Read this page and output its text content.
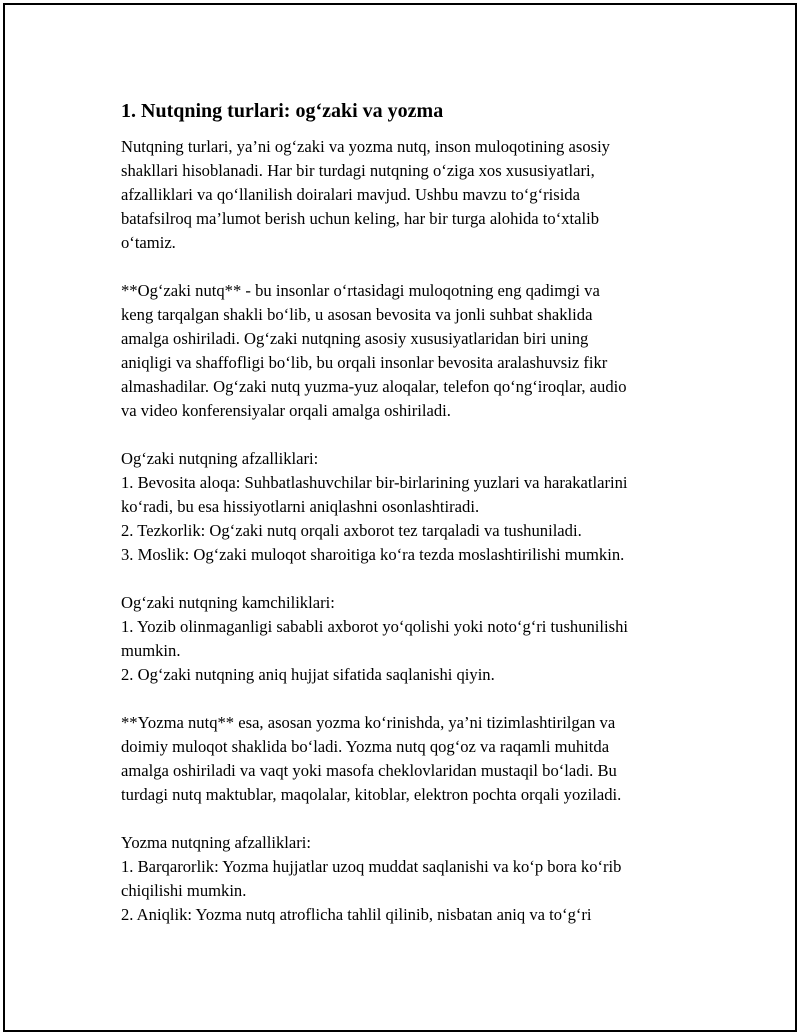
1. Nutqning turlari: og‘zaki va yozma
Nutqning turlari, ya’ni og‘zaki va yozma nutq, inson muloqotining asosiy
shakllari hisoblanadi. Har bir turdagi nutqning o‘ziga xos xususiyatlari,
afzalliklari va qo‘llanilish doiralari mavjud. Ushbu mavzu to‘g‘risida
batafsilroq ma’lumot berish uchun keling, har bir turga alohida to‘xtalib
o‘tamiz.
**Og‘zaki nutq** - bu insonlar o‘rtasidagi muloqotning eng qadimgi va
keng tarqalgan shakli bo‘lib, u asosan bevosita va jonli suhbat shaklida
amalga oshiriladi. Og‘zaki nutqning asosiy xususiyatlaridan biri uning
aniqligi va shaffofligi bo‘lib, bu orqali insonlar bevosita aralashuvsiz fikr
almashadilar. Og‘zaki nutq yuzma-yuz aloqalar, telefon qo‘ng‘iroqlar, audio
va video konferensiyalar orqali amalga oshiriladi.
Og‘zaki nutqning afzalliklari:
1. Bevosita aloqa: Suhbatlashuvchilar bir-birlarining yuzlari va harakatlarini
ko‘radi, bu esa hissiyotlarni aniqlashni osonlashtiradi.
2. Tezkorlik: Og‘zaki nutq orqali axborot tez tarqaladi va tushuniladi.
3. Moslik: Og‘zaki muloqot sharoitiga ko‘ra tezda moslashtirilishi mumkin.
Og‘zaki nutqning kamchiliklari:
1. Yozib olinmaganligi sababli axborot yo‘qolishi yoki noto‘g‘ri tushunilishi
mumkin.
2. Og‘zaki nutqning aniq hujjat sifatida saqlanishi qiyin.
**Yozma nutq** esa, asosan yozma ko‘rinishda, ya’ni tizimlashtirilgan va
doimiy muloqot shaklida bo‘ladi. Yozma nutq qog‘oz va raqamli muhitda
amalga oshiriladi va vaqt yoki masofa cheklovlaridan mustaqil bo‘ladi. Bu
turdagi nutq maktublar, maqolalar, kitoblar, elektron pochta orqali yoziladi.
Yozma nutqning afzalliklari:
1. Barqarorlik: Yozma hujjatlar uzoq muddat saqlanishi va ko‘p bora ko‘rib
chiqilishi mumkin.
2. Aniqlik: Yozma nutq atroflicha tahlil qilinib, nisbatan aniq va to‘g‘ri
